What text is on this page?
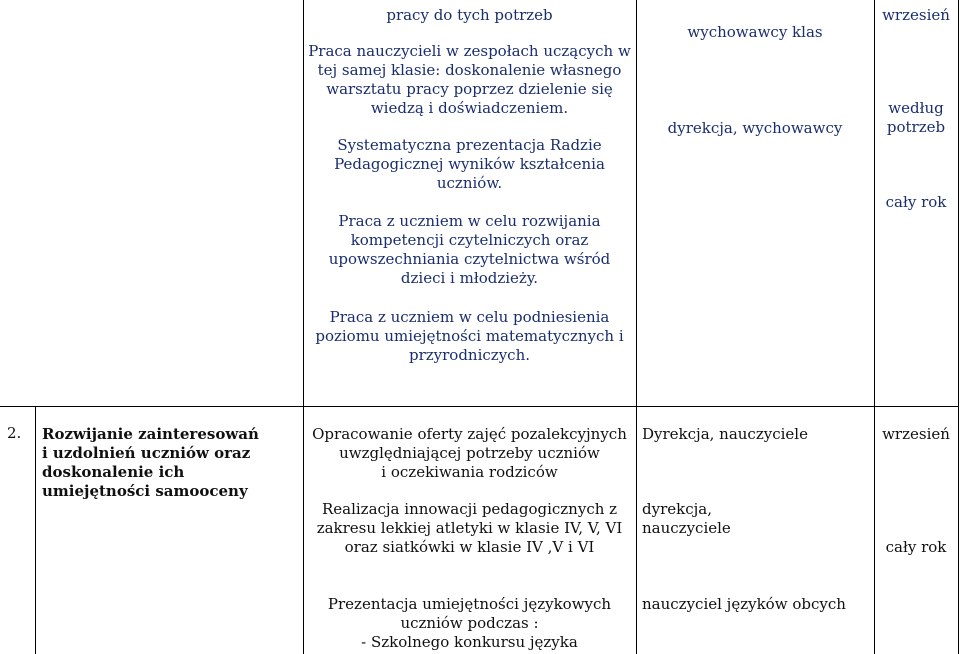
pracy do tych potrzeb
Praca nauczycieli w zespołach uczących w
tej samej klasie: doskonalenie własnego
warsztatu pracy poprzez dzielenie się
wiedzą i doświadczeniem.
Systematyczna prezentacja Radzie
Pedagogicznej wyników kształcenia
uczniów.
Praca z uczniem w celu rozwijania
kompetencji czytelniczych oraz
upowszechniania czytelnictwa wśród
dzieci i młodzieży.
Praca z uczniem w celu podniesienia
poziomu umiejętności matematycznych i
przyrodniczych.
wychowawcy klas
dyrekcja, wychowawcy
wrzesień
według
potrzeb
cały rok
2. Rozwijanie zainteresowań
i uzdolnień uczniów oraz
doskonalenie ich
umiejętności samooceny
Opracowanie oferty zajęć pozalekcyjnych
uwzględniającej potrzeby uczniów
i oczekiwania rodziców
Realizacja innowacji pedagogicznych z
zakresu lekkiej atletyki w klasie IV, V, VI
oraz siatkówki w klasie IV ,V i VI
Prezentacja umiejętności językowych
uczniów podczas :
- Szkolnego konkursu języka
Dyrekcja, nauczyciele
dyrekcja,
nauczyciele
nauczyciel języków obcych
wrzesień
cały rok
